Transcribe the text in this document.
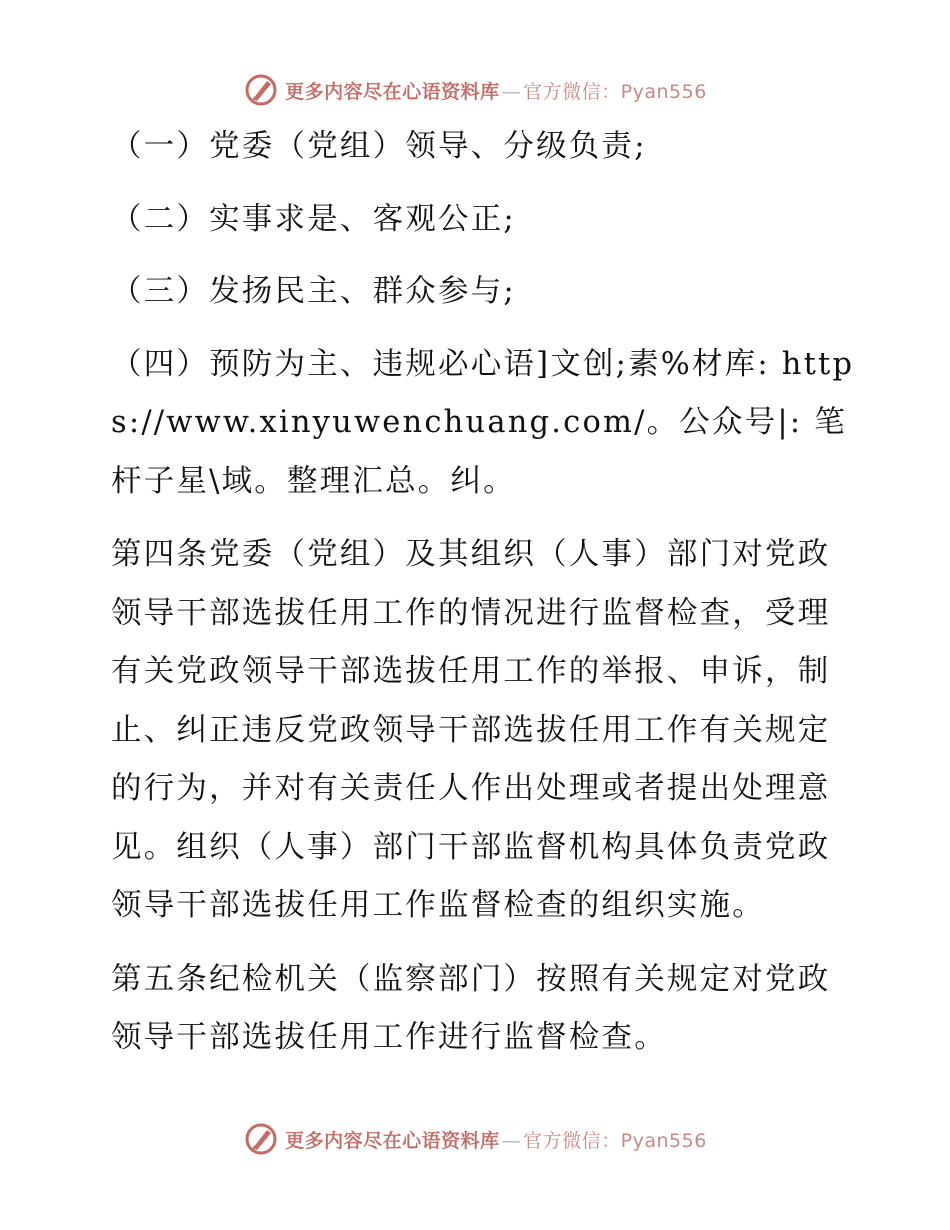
更多内容尽在心语资料库 — 官方微信：Pyan556

（一）党委（党组）领导、分级负责;

（二）实事求是、客观公正;

（三）发扬民主、群众参与;

（四）预防为主、违规必心语]文创;素%材库: https://www.xinyuwenchuang.com/。公众号|: 笔杆子星\域。整理汇总。纠。

第四条党委（党组）及其组织（人事）部门对党政领导干部选拔任用工作的情况进行监督检查，受理有关党政领导干部选拔任用工作的举报、申诉，制止、纠正违反党政领导干部选拔任用工作有关规定的行为，并对有关责任人作出处理或者提出处理意见。组织（人事）部门干部监督机构具体负责党政领导干部选拔任用工作监督检查的组织实施。

第五条纪检机关（监察部门）按照有关规定对党政领导干部选拔任用工作进行监督检查。

更多内容尽在心语资料库 — 官方微信：Pyan556
